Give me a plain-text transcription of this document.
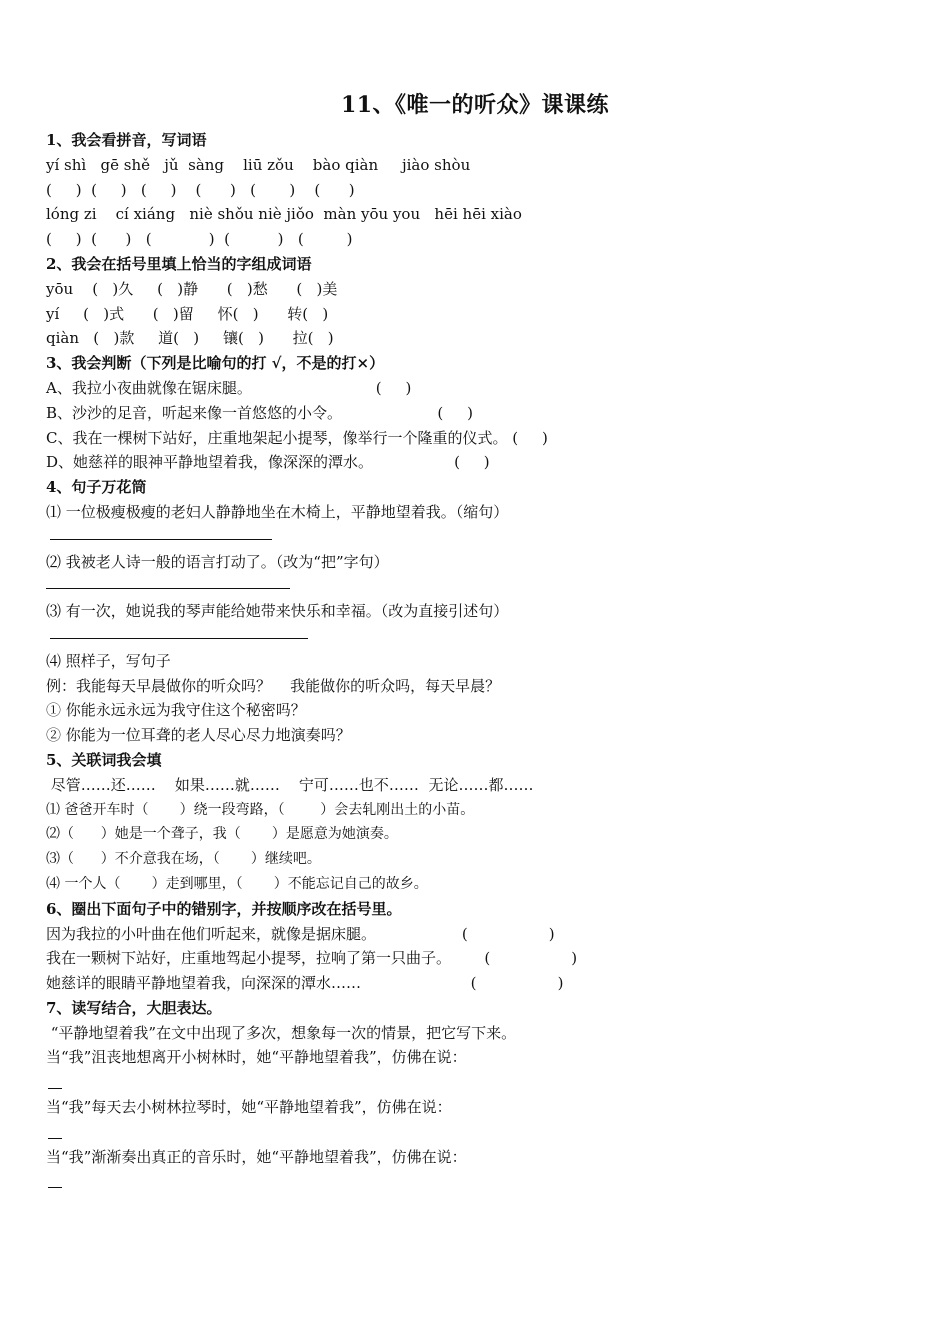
11、《唯一的听众》课课练
1、我会看拼音，写词语
yí shì   gē shě   jǔ  sàng    liū zǒu    bào qiàn     jiào shòu
(     )  (     )   (     )    (      )   (       )    (      )
lóng zi    cí xiáng   niè shǒu niè jiǒo  màn yōu you   hēi hēi xiào
(     )  (      )   (            )  (          )   (         )
2、我会在括号里填上恰当的字组成词语
yōu    (   )久     (   )静      (   )愁      (   )美
yí     (   )式      (   )留     怀(   )      转(   )
qiàn   (   )款     道(   )     镶(   )      拉(   )
3、我会判断（下列是比喻句的打 √，不是的打×）
A、我拉小夜曲就像在锯床腿。                          (     )
B、沙沙的足音，听起来像一首悠悠的小令。                    (     )
C、我在一棵树下站好，庄重地架起小提琴，像举行一个隆重的仪式。 (     )
D、她慈祥的眼神平静地望着我，像深深的潭水。                 (     )
4、句子万花筒
⑴ 一位极瘦极瘦的老妇人静静地坐在木椅上，平静地望着我。（缩句）
⑵ 我被老人诗一般的语言打动了。（改为“把”字句）
⑶ 有一次，她说我的琴声能给她带来快乐和幸福。（改为直接引述句）
⑷ 照样子，写句子
例：我能每天早晨做你的听众吗？    我能做你的听众吗，每天早晨？
① 你能永远永远为我守住这个秘密吗？
② 你能为一位耳聋的老人尽心尽力地演奏吗？
5、关联词我会填
尽管……还……    如果……就……    宁可……也不……  无论……都……
⑴ 爸爸开车时（       ）绕一段弯路，（        ）会去轧刚出土的小苗。
⑵（      ）她是一个聋子，我（       ）是愿意为她演奏。
⑶（      ）不介意我在场，（       ）继续吧。
⑷ 一个人（       ）走到哪里，（       ）不能忘记自己的故乡。
6、圈出下面句子中的错别字，并按顺序改在括号里。
因为我拉的小叶曲在他们听起来，就像是据床腿。                  (                 )
我在一颗树下站好，庄重地驾起小提琴，拉响了第一只曲子。       (                 )
她慈详的眼睛平静地望着我，向深深的潭水……                       (                 )
7、读写结合，大胆表达。
“平静地望着我”在文中出现了多次，想象每一次的情景，把它写下来。
当“我”沮丧地想离开小树林时，她“平静地望着我”，仿佛在说：
当“我”每天去小树林拉琴时，她“平静地望着我”，仿佛在说：
当“我”渐渐奏出真正的音乐时，她“平静地望着我”，仿佛在说：
